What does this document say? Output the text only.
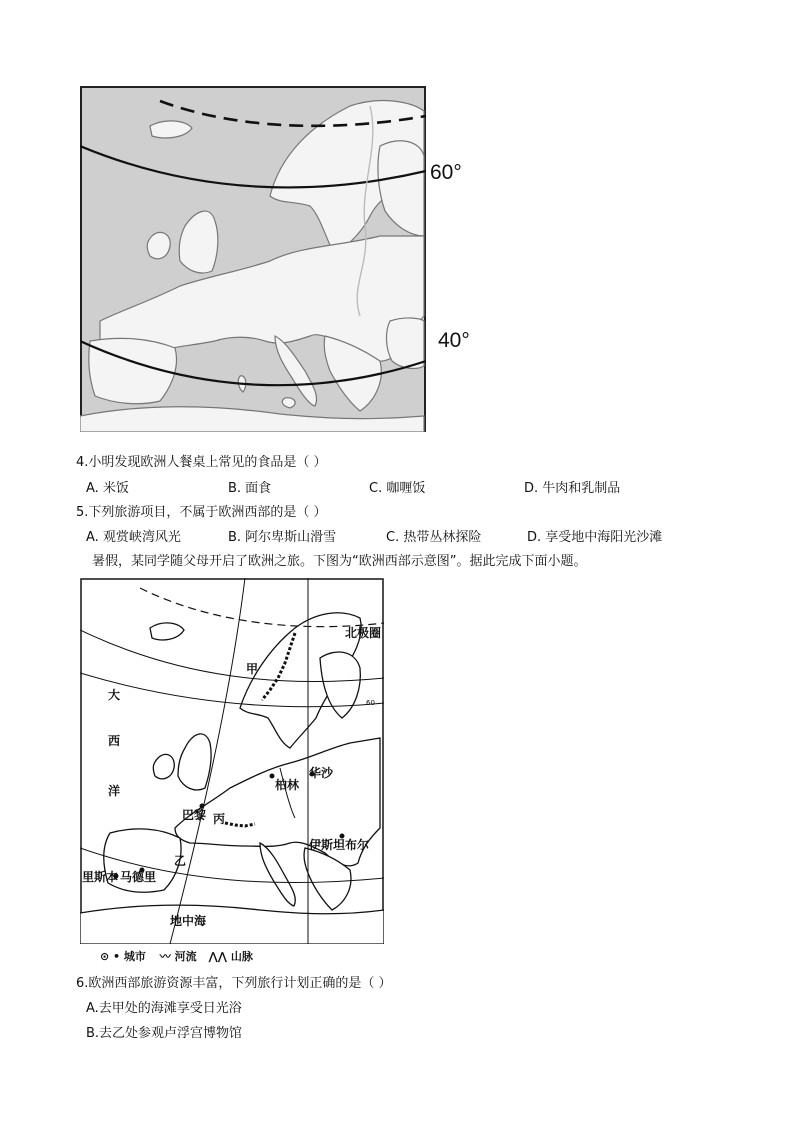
60°
40°
4.小明发现欧洲人餐桌上常见的食品是（ ）
A. 米饭	B. 面食	C. 咖喱饭	D. 牛肉和乳制品
5.下列旅游项目，不属于欧洲西部的是（ ）
A. 观赏峡湾风光	B. 阿尔卑斯山滑雪	C. 热带丛林探险	D. 享受地中海阳光沙滩
暑假，某同学随父母开启了欧洲之旅。下图为“欧洲西部示意图”。据此完成下面小题。
北极圈
甲
大
西
洋
60
柏林
华沙
巴黎 丙
伊斯坦布尔
乙
里斯本 马德里
地中海
⊙ • 城市 〰 河流 ⋀⋀ 山脉
6.欧洲西部旅游资源丰富，下列旅行计划正确的是（ ）
A.去甲处的海滩享受日光浴
B.去乙处参观卢浮宫博物馆
